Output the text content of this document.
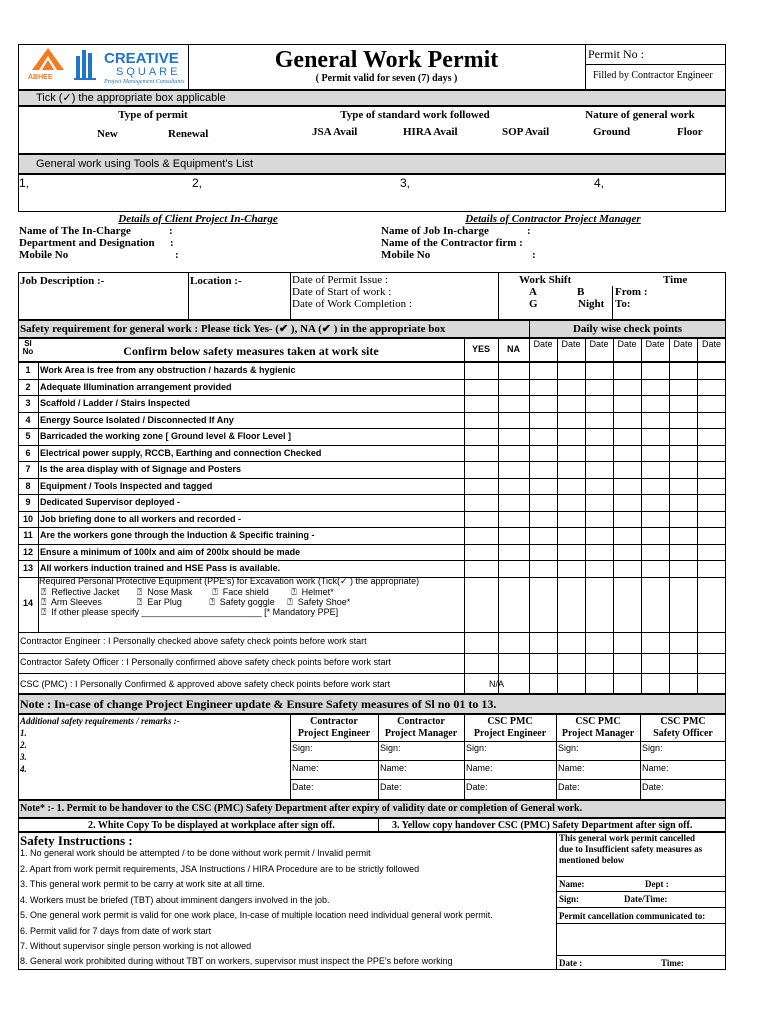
ABHEE
CREATIVE
SQUARE
Project Management Consultants
General Work Permit
( Permit valid for seven (7) days )
Permit No :
Filled by Contractor Engineer
Tick (✓) the appropriate box applicable
Type of permit
New	Renewal
Type of standard work followed
JSA Avail	HIRA Avail	SOP Avail
Nature of general work
Ground	Floor
General work using Tools & Equipment's List
1,	2,	3,	4,
Details of Client Project In-Charge
Name of The In-Charge	:
Department and Designation :
Mobile No	:
Details of Contractor Project Manager
Name of Job In-charge	:
Name of the Contractor firm :
Mobile No	:
Job Description :-	Location :-	Date of Permit Issue :
Date of Start of work :
Date of Work Completion :
Work Shift
A	B
G	Night
Time
From :
To:
Safety requirement for general work : Please tick Yes- (✔ ), NA (✔ ) in the appropriate box	Daily wise check points
Sl
No	Confirm below safety measures taken at work site	YES	NA	Date Date Date Date Date Date	Date
1	Work Area is free from any obstruction / hazards & hygienic
2	Adequate Illumination arrangement provided
3	Scaffold / Ladder / Stairs Inspected
4	Energy Source Isolated / Disconnected If Any
5	Barricaded the working zone [ Ground level & Floor Level ]
6	Electrical power supply, RCCB, Earthing and connection Checked
7	Is the area display with of Signage and Posters
8	Equipment / Tools Inspected and tagged
9	Dedicated Supervisor deployed -
10 Job briefing done to all workers and recorded -
11 Are the workers gone through the Induction & Specific training -
12 Ensure a minimum of 100lx and aim of 200lx should be made
13 All workers induction trained and HSE Pass is available.
14
Required Personal Protective Equipment (PPE's) for Excavation work (Tick(✓ ) the appropriate)
⍰  Reflective Jacket       ⍰  Nose Mask        ⍰  Face shield         ⍰  Helmet*
⍰  Arm Sleeves              ⍰  Ear Plug           ⍰  Safety goggle     ⍰  Safety Shoe*
⍰  If other please specify ________________________ [* Mandatory PPE]
Contractor Engineer : I Personally checked above safety check points before work start
Contractor Safety Officer : I Personally confirmed above safety check points before work start
CSC (PMC) : I Personally Confirmed & approved above safety check points before work start	N/A
Note : In-case of change Project Engineer update & Ensure Safety measures of Sl no 01 to 13.
Additional safety requirements / remarks :-
1.
2.
3.
4.
Contractor
Project Engineer
Sign:
Name:
Date:
Contractor
Project Manager
Sign:
Name:
Date:
CSC PMC
Project Engineer
Sign:
Name:
Date:
CSC PMC
Project Manager
Sign:
Name:
Date:
CSC PMC
Safety Officer
Sign:
Name:
Date:
Note* :- 1. Permit to be handover to the CSC (PMC) Safety Department after expiry of validity date or completion of General work.
2. White Copy To be displayed at workplace after sign off.	3. Yellow copy handover CSC (PMC) Safety Department after sign off.
Safety Instructions :
1. No general work should be attempted / to be done without work permit / Invalid permit
2. Apart from work permit requirements, JSA Instructions / HIRA Procedure are to be strictly followed
3. This general work permit to be carry at work site at all time.
4. Workers must be briefed (TBT) about imminent dangers involved in the job.
5. One general work permit is valid for one work place, In-case of multiple location need individual general work permit.
6. Permit valid for 7 days from date of work start
7. Without supervisor single person working is not allowed
8. General work prohibited during without TBT on workers, supervisor must inspect the PPE's before working
This general work permit cancelled
due to Insufficient safety measures as
mentioned below
Name:	Dept :
Sign:	Date/Time:
Permit cancellation communicated to:
Date :	Time:
